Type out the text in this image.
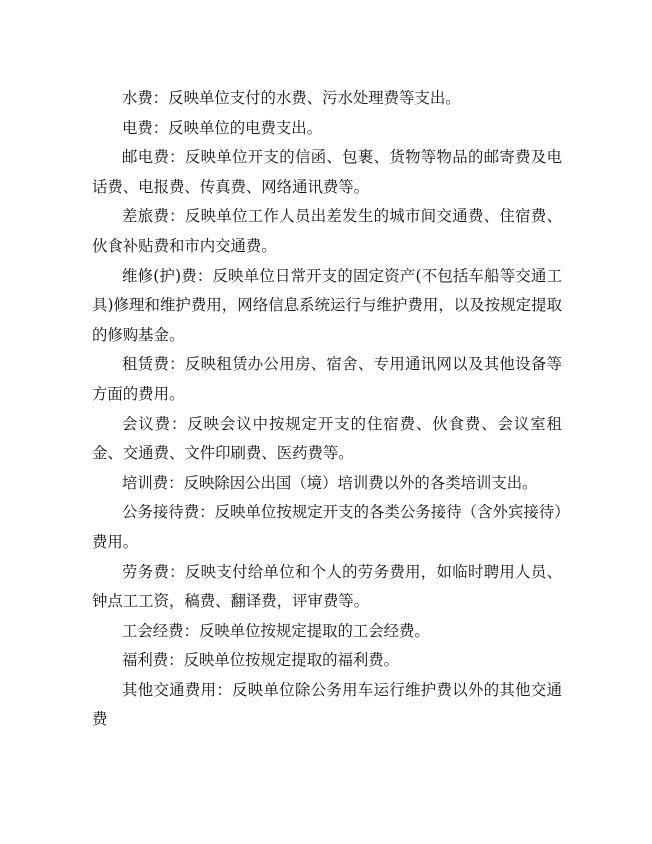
水费：反映单位支付的水费、污水处理费等支出。

电费：反映单位的电费支出。

邮电费：反映单位开支的信函、包裹、货物等物品的邮寄费及电话费、电报费、传真费、网络通讯费等。

差旅费：反映单位工作人员出差发生的城市间交通费、住宿费、伙食补贴费和市内交通费。

维修(护)费：反映单位日常开支的固定资产(不包括车船等交通工具)修理和维护费用，网络信息系统运行与维护费用，以及按规定提取的修购基金。

租赁费：反映租赁办公用房、宿舍、专用通讯网以及其他设备等方面的费用。

会议费：反映会议中按规定开支的住宿费、伙食费、会议室租金、交通费、文件印刷费、医药费等。

培训费：反映除因公出国（境）培训费以外的各类培训支出。

公务接待费：反映单位按规定开支的各类公务接待（含外宾接待）费用。

劳务费：反映支付给单位和个人的劳务费用，如临时聘用人员、钟点工工资，稿费、翻译费，评审费等。

工会经费：反映单位按规定提取的工会经费。

福利费：反映单位按规定提取的福利费。

其他交通费用：反映单位除公务用车运行维护费以外的其他交通费
